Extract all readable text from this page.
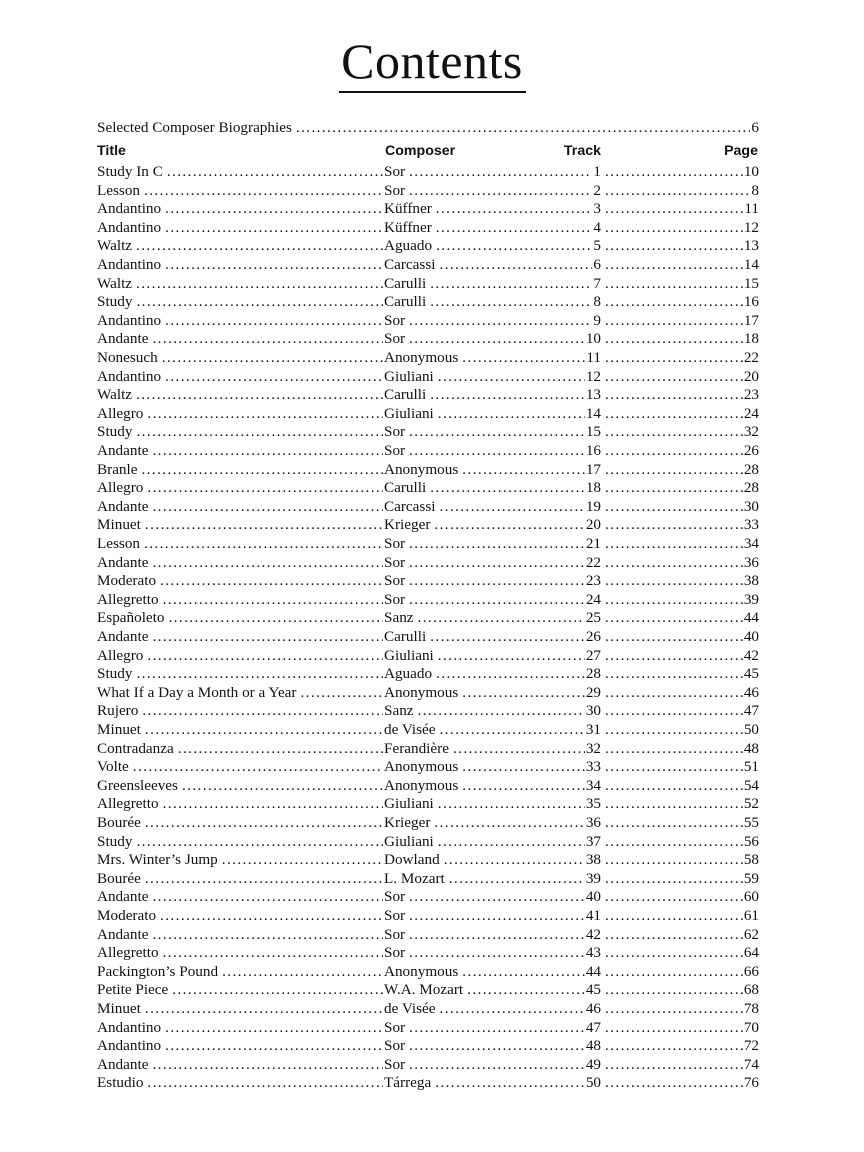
Contents
Selected Composer Biographies . . .	6
Title	Composer	Track	Page
Study In C . . .	Sor . . .	1 . . .	10
Lesson . . .	Sor . . .	2 . . .	8
Andantino . . .	Küffner . . .	3 . . .	11
Andantino . . .	Küffner . . .	4 . . .	12
Waltz . . .	Aguado . . .	5 . . .	13
Andantino . . .	Carcassi . . .	6 . . .	14
Waltz . . .	Carulli . . .	7 . . .	15
Study . . .	Carulli . . .	8 . . .	16
Andantino . . .	Sor . . .	9 . . .	17
Andante . . .	Sor . . .	10 . . .	18
Nonesuch . . .	Anonymous . . .	11 . . .	22
Andantino . . .	Giuliani . . .	12 . . .	20
Waltz . . .	Carulli . . .	13 . . .	23
Allegro . . .	Giuliani . . .	14 . . .	24
Study . . .	Sor . . .	15 . . .	32
Andante . . .	Sor . . .	16 . . .	26
Branle . . .	Anonymous . . .	17 . . .	28
Allegro . . .	Carulli . . .	18 . . .	28
Andante . . .	Carcassi . . .	19 . . .	30
Minuet . . .	Krieger . . .	20 . . .	33
Lesson . . .	Sor . . .	21 . . .	34
Andante . . .	Sor . . .	22 . . .	36
Moderato . . .	Sor . . .	23 . . .	38
Allegretto . . .	Sor . . .	24 . . .	39
Españoleto . . .	Sanz . . .	25 . . .	44
Andante . . .	Carulli . . .	26 . . .	40
Allegro . . .	Giuliani . . .	27 . . .	42
Study . . .	Aguado . . .	28 . . .	45
What If a Day a Month or a Year . . .	Anonymous . . .	29 . . .	46
Rujero . . .	Sanz . . .	30 . . .	47
Minuet . . .	de Visée . . .	31 . . .	50
Contradanza . . .	Ferandière . . .	32 . . .	48
Volte . . .	Anonymous . . .	33 . . .	51
Greensleeves . . .	Anonymous . . .	34 . . .	54
Allegretto . . .	Giuliani . . .	35 . . .	52
Bourée . . .	Krieger . . .	36 . . .	55
Study . . .	Giuliani . . .	37 . . .	56
Mrs. Winter’s Jump . . .	Dowland . . .	38 . . .	58
Bourée . . .	L. Mozart . . .	39 . . .	59
Andante . . .	Sor . . .	40 . . .	60
Moderato . . .	Sor . . .	41 . . .	61
Andante . . .	Sor . . .	42 . . .	62
Allegretto . . .	Sor . . .	43 . . .	64
Packington’s Pound . . .	Anonymous . . .	44 . . .	66
Petite Piece . . .	W.A. Mozart . . .	45 . . .	68
Minuet . . .	de Visée . . .	46 . . .	78
Andantino . . .	Sor . . .	47 . . .	70
Andantino . . .	Sor . . .	48 . . .	72
Andante . . .	Sor . . .	49 . . .	74
Estudio . . .	Tárrega . . .	50 . . .	76
